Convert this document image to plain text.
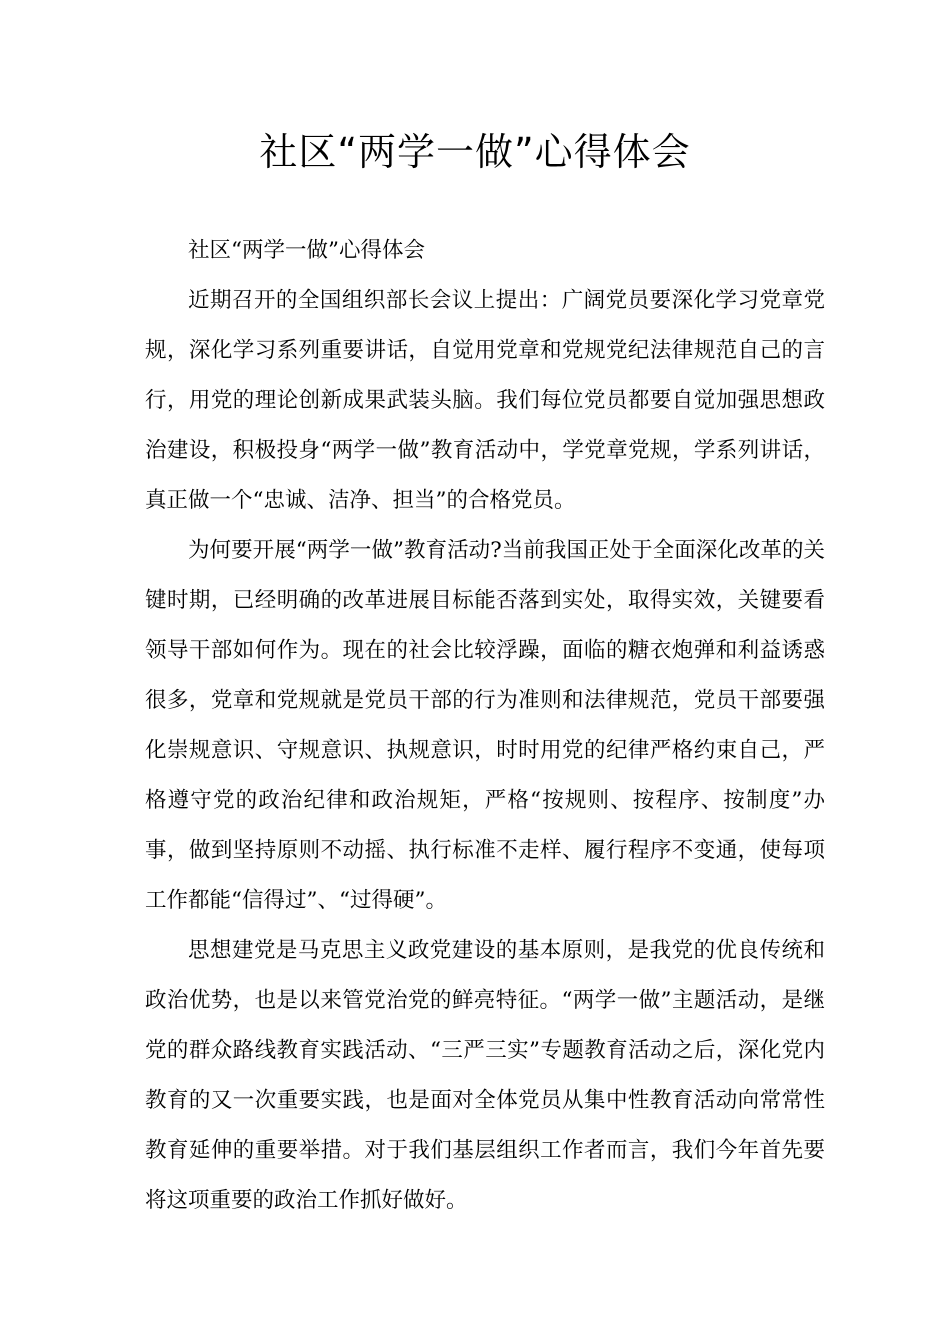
社区“两学一做”心得体会

社区“两学一做”心得体会

近期召开的全国组织部长会议上提出：广阔党员要深化学习党章党规，深化学习系列重要讲话，自觉用党章和党规党纪法律规范自己的言行，用党的理论创新成果武装头脑。我们每位党员都要自觉加强思想政治建设，积极投身“两学一做”教育活动中，学党章党规，学系列讲话，真正做一个“忠诚、洁净、担当”的合格党员。

为何要开展“两学一做”教育活动?当前我国正处于全面深化改革的关键时期，已经明确的改革进展目标能否落到实处，取得实效，关键要看领导干部如何作为。现在的社会比较浮躁，面临的糖衣炮弹和利益诱惑很多，党章和党规就是党员干部的行为准则和法律规范，党员干部要强化崇规意识、守规意识、执规意识，时时用党的纪律严格约束自己，严格遵守党的政治纪律和政治规矩，严格“按规则、按程序、按制度”办事，做到坚持原则不动摇、执行标准不走样、履行程序不变通，使每项工作都能“信得过”、“过得硬”。

思想建党是马克思主义政党建设的基本原则，是我党的优良传统和政治优势，也是以来管党治党的鲜亮特征。“两学一做”主题活动，是继党的群众路线教育实践活动、“三严三实”专题教育活动之后，深化党内教育的又一次重要实践，也是面对全体党员从集中性教育活动向常常性教育延伸的重要举措。对于我们基层组织工作者而言，我们今年首先要将这项重要的政治工作抓好做好。
